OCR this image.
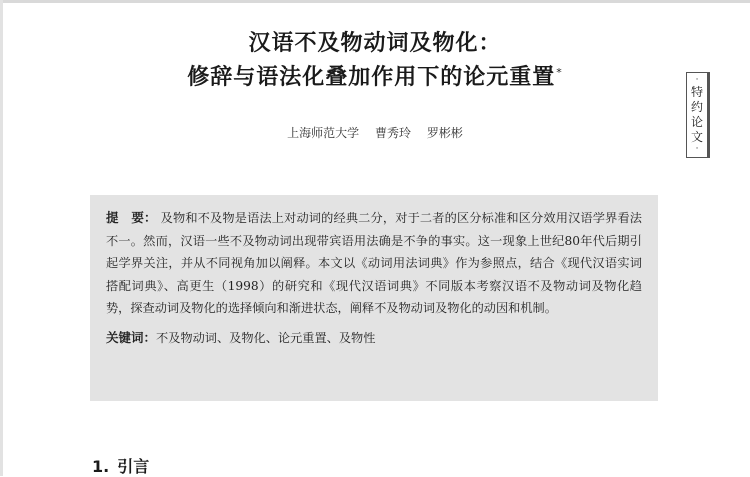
汉语不及物动词及物化：
修辞与语法化叠加作用下的论元重置*
上海师范大学 曹秀玲 罗彬彬
·
特
约
论
文
·

提　要： 及物和不及物是语法上对动词的经典二分，对于二者的区分标准和区分效用汉语学界看法不一。然而，汉语一些不及物动词出现带宾语用法确是不争的事实。这一现象上世纪80年代后期引起学界关注，并从不同视角加以阐释。本文以《动词用法词典》作为参照点，结合《现代汉语实词搭配词典》、高更生（1998）的研究和《现代汉语词典》不同版本考察汉语不及物动词及物化趋势，探查动词及物化的选择倾向和渐进状态，阐释不及物动词及物化的动因和机制。

关键词：不及物动词、及物化、论元重置、及物性
1. 引言
